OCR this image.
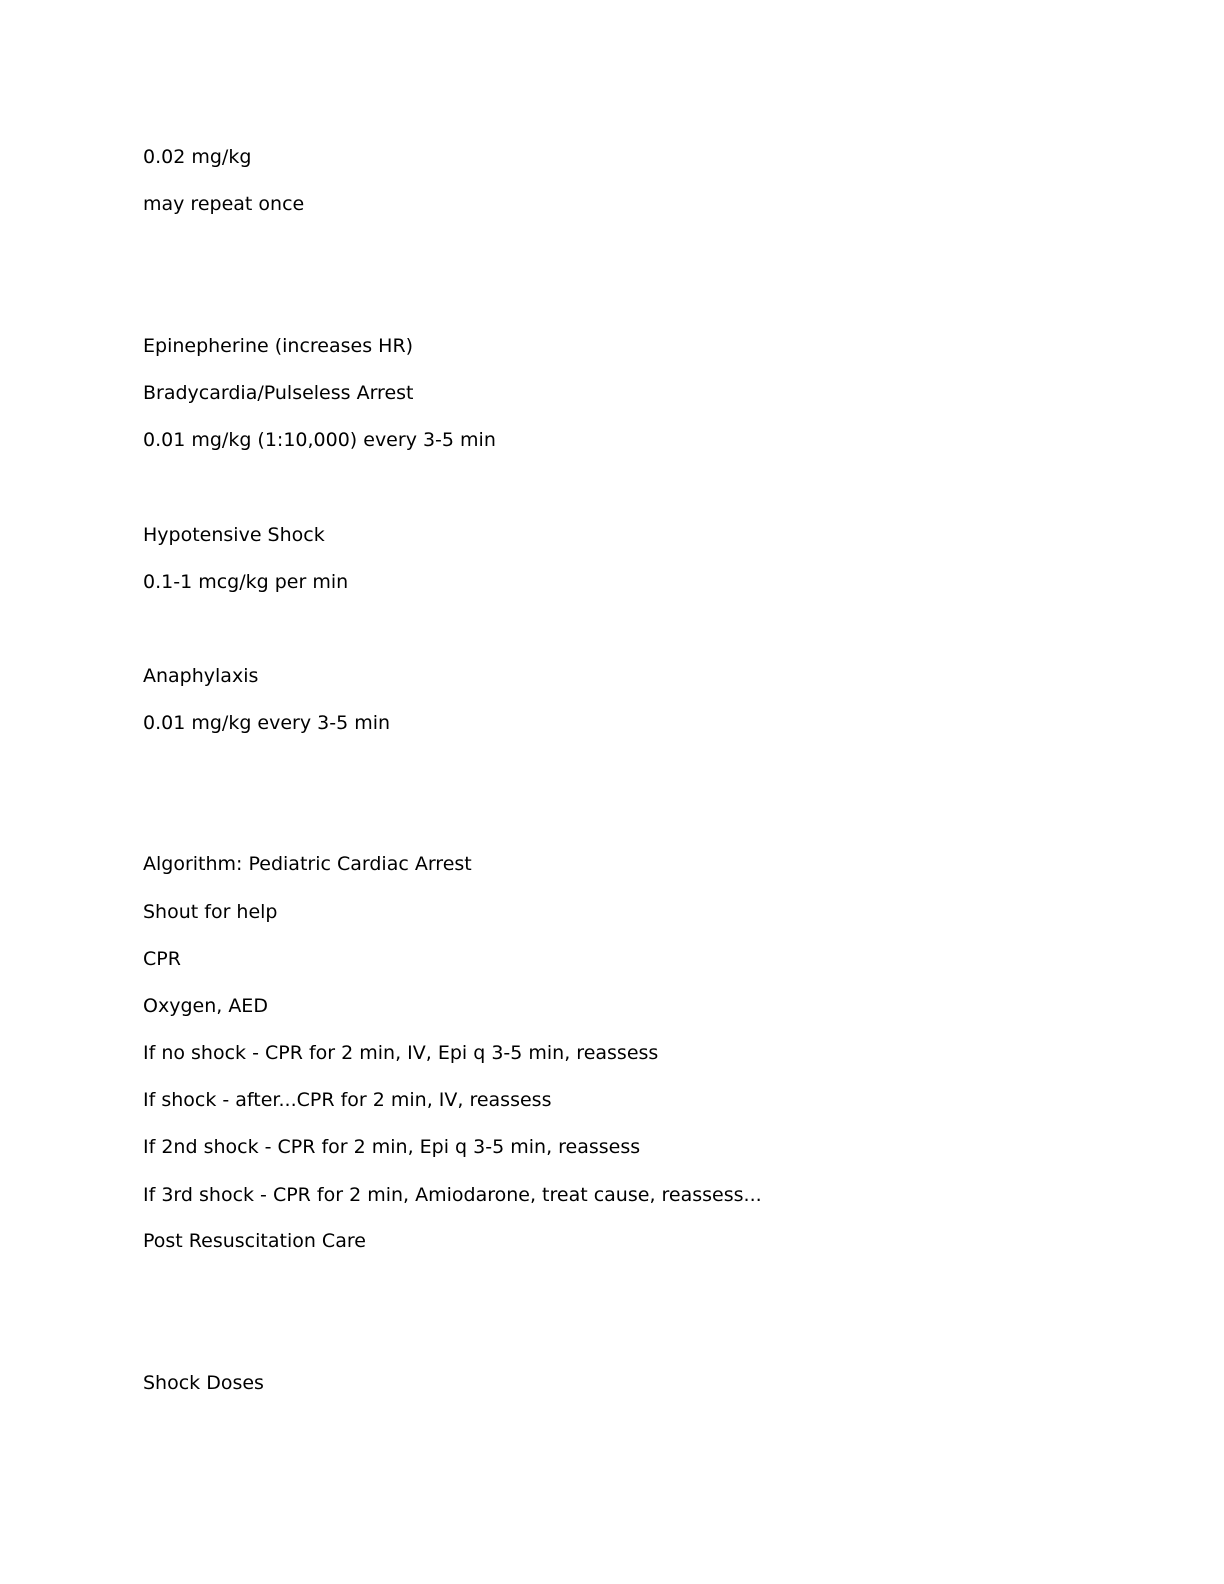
0.02 mg/kg
may repeat once
Epinepherine (increases HR)
Bradycardia/Pulseless Arrest
0.01 mg/kg (1:10,000) every 3-5 min
Hypotensive Shock
0.1-1 mcg/kg per min
Anaphylaxis
0.01 mg/kg every 3-5 min
Algorithm: Pediatric Cardiac Arrest
Shout for help
CPR
Oxygen, AED
If no shock - CPR for 2 min, IV, Epi q 3-5 min, reassess
If shock - after...CPR for 2 min, IV, reassess
If 2nd shock - CPR for 2 min, Epi q 3-5 min, reassess
If 3rd shock - CPR for 2 min, Amiodarone, treat cause, reassess...
Post Resuscitation Care
Shock Doses
